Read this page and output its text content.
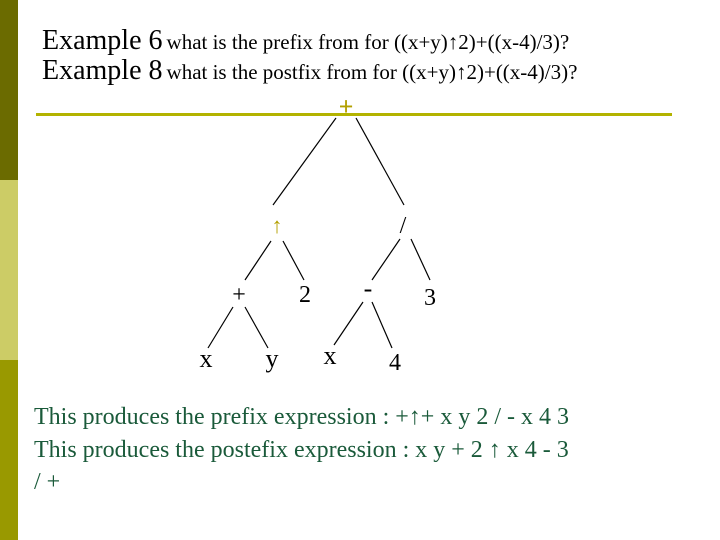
Example 6 what is the prefix from for ((x+y)↑2)+((x-4)/3)?
Example 8 what is the postfix from for ((x+y)↑2)+((x-4)/3)?
+
↑	/
+ 2 - 3
x y x 4
This produces the prefix expression : +↑+ x y 2 / - x 4 3
This produces the postefix expression : x y + 2 ↑ x 4 - 3
/ +
